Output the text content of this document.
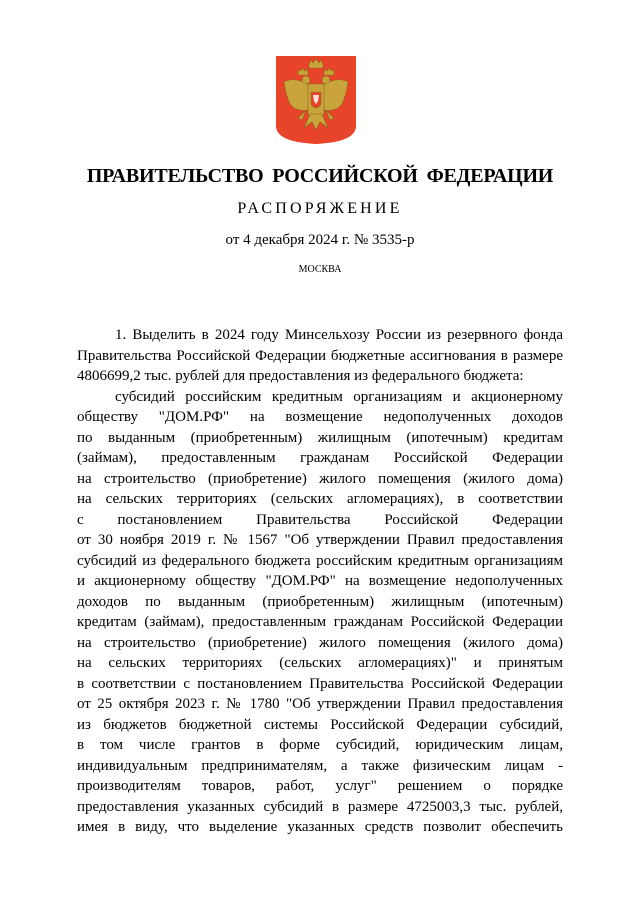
ПРАВИТЕЛЬСТВО РОССИЙСКОЙ ФЕДЕРАЦИИ
РАСПОРЯЖЕНИЕ
от 4 декабря 2024 г. № 3535-р
МОСКВА

1. Выделить в 2024 году Минсельхозу России из резервного фонда

Правительства Российской Федерации бюджетные ассигнования в размере

4806699,2 тыс. рублей для предоставления из федерального бюджета:

субсидий российским кредитным организациям и акционерному

обществу "ДОМ.РФ" на возмещение недополученных доходов

по выданным (приобретенным) жилищным (ипотечным) кредитам

(займам), предоставленным гражданам Российской Федерации

на строительство (приобретение) жилого помещения (жилого дома)

на сельских территориях (сельских агломерациях), в соответствии

с постановлением Правительства Российской Федерации

от 30 ноября 2019 г. № 1567 "Об утверждении Правил предоставления

субсидий из федерального бюджета российским кредитным организациям

и акционерному обществу "ДОМ.РФ" на возмещение недополученных

доходов по выданным (приобретенным) жилищным (ипотечным)

кредитам (займам), предоставленным гражданам Российской Федерации

на строительство (приобретение) жилого помещения (жилого дома)

на сельских территориях (сельских агломерациях)" и принятым

в соответствии с постановлением Правительства Российской Федерации

от 25 октября 2023 г. № 1780 "Об утверждении Правил предоставления

из бюджетов бюджетной системы Российской Федерации субсидий,

в том числе грантов в форме субсидий, юридическим лицам,

индивидуальным предпринимателям, а также физическим лицам -

производителям товаров, работ, услуг" решением о порядке

предоставления указанных субсидий в размере 4725003,3 тыс. рублей,

имея в виду, что выделение указанных средств позволит обеспечить
